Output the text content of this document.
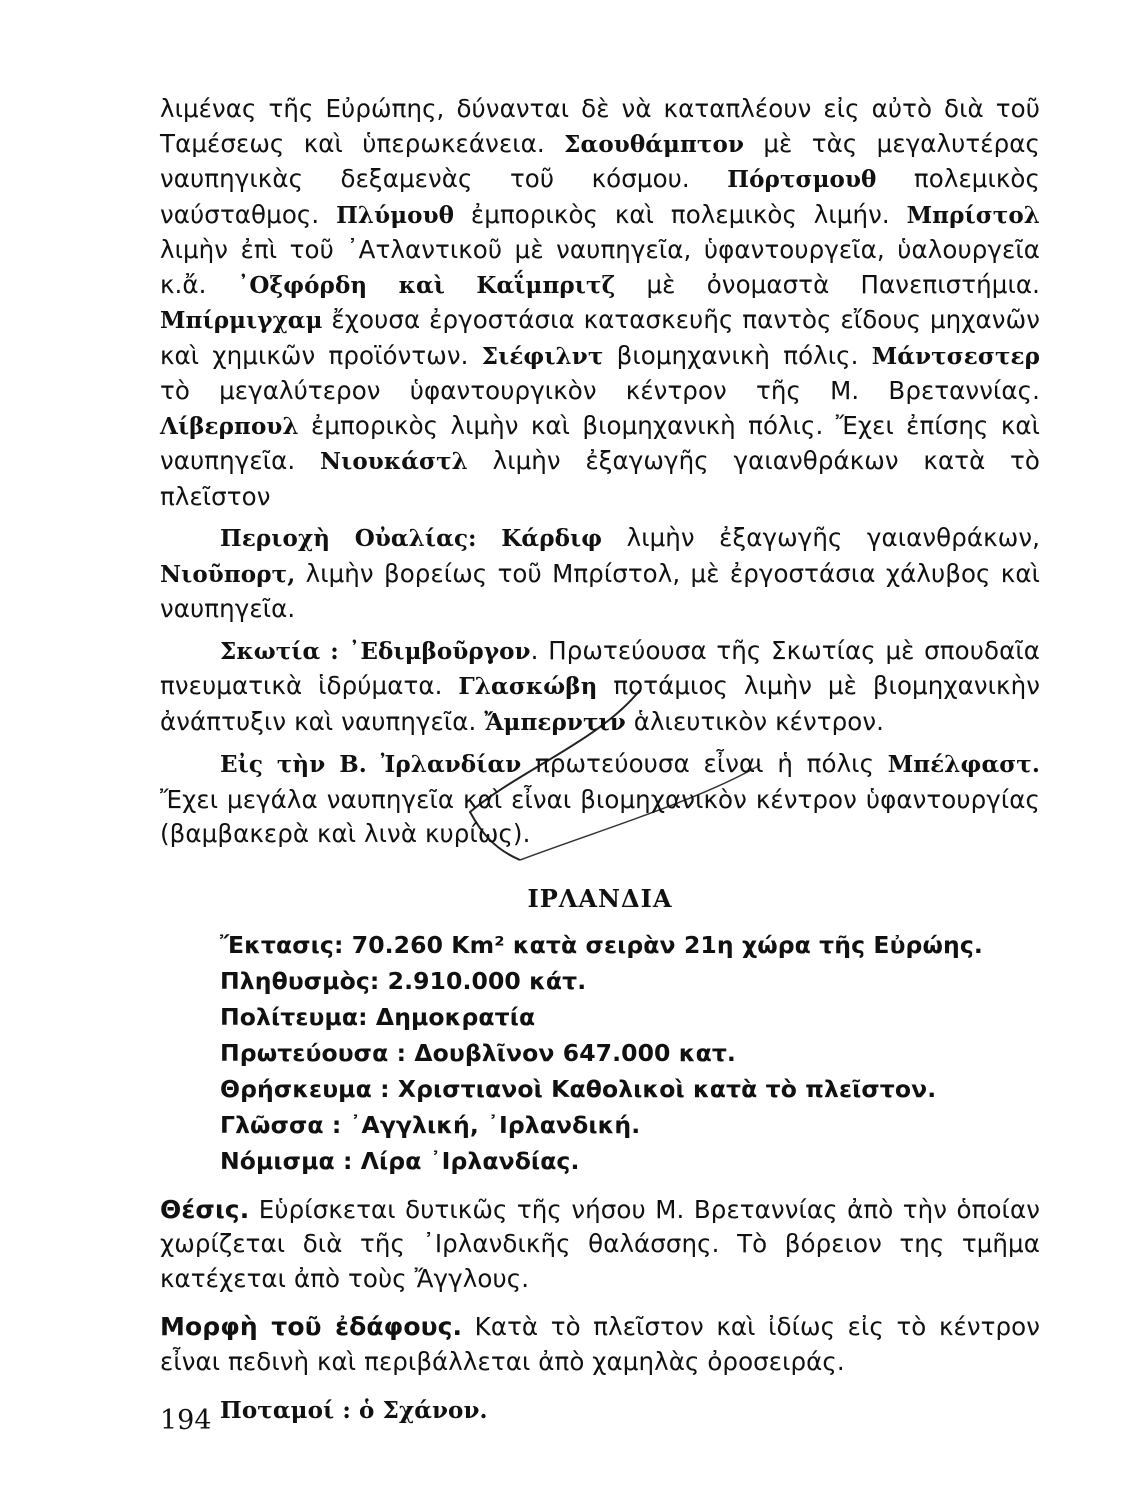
λιμένας τῆς Εὐρώπης, δύνανται δὲ νὰ καταπλέουν εἰς αὐτὸ διὰ τοῦ Ταμέσεως καὶ ὑπερωκεάνεια. Σαουθάμπτον μὲ τὰς μεγαλυτέρας ναυπηγικὰς δεξαμενὰς τοῦ κόσμου. Πόρτσμουθ πολεμικὸς ναύσταθμος. Πλύμουθ ἐμπορικὸς καὶ πολεμικὸς λιμήν. Μπρίστολ λιμὴν ἐπὶ τοῦ ᾿Ατλαντικοῦ μὲ ναυπηγεῖα, ὑφαντουργεῖα, ὑαλουργεῖα κ.ἄ. ᾿Οξφόρδη καὶ Καΐμπριτζ μὲ ὀνομαστὰ Πανεπιστήμια. Μπίρμιγχαμ ἔχουσα ἐργοστάσια κατασκευῆς παντὸς εἴδους μηχανῶν καὶ χημικῶν προϊόντων. Σιέφιλντ βιομηχανικὴ πόλις. Μάντσεστερ τὸ μεγαλύτερον ὑφαντουργικὸν κέντρον τῆς Μ. Βρεταννίας. Λίβερπουλ ἐμπορικὸς λιμὴν καὶ βιομηχανικὴ πόλις. Ἔχει ἐπίσης καὶ ναυπηγεῖα. Νιουκάστλ λιμὴν ἐξαγωγῆς γαιανθράκων κατὰ τὸ πλεῖστον

Περιοχὴ Οὐαλίας: Κάρδιφ λιμὴν ἐξαγωγῆς γαιανθράκων, Νιοῦπορτ, λιμὴν βορείως τοῦ Μπρίστολ, μὲ ἐργοστάσια χάλυβος καὶ ναυπηγεῖα.

Σκωτία : ᾿Εδιμβοῦργον. Πρωτεύουσα τῆς Σκωτίας μὲ σπουδαῖα πνευματικὰ ἱδρύματα. Γλασκώβη ποτάμιος λιμὴν μὲ βιομηχανικὴν ἀνάπτυξιν καὶ ναυπηγεῖα. Ἄμπερντιν ἁλιευτικὸν κέντρον.

Εἰς τὴν Β. Ἰρλανδίαν πρωτεύουσα εἶναι ἡ πόλις Μπέλφαστ. Ἔχει μεγάλα ναυπηγεῖα καὶ εἶναι βιομηχανικὸν κέντρον ὑφαντουργίας (βαμβακερὰ καὶ λινὰ κυρίως).

ΙΡΛΑΝΔΙΑ

Ἔκτασις: 70.260 Km² κατὰ σειρὰν 21η χώρα τῆς Εὐρώης.

Πληθυσμὸς: 2.910.000 κάτ.

Πολίτευμα: Δημοκρατία

Πρωτεύουσα : Δουβλῖνον 647.000 κατ.

Θρήσκευμα : Χριστιανοὶ Καθολικοὶ κατὰ τὸ πλεῖστον.

Γλῶσσα : ᾿Αγγλική, ᾿Ιρλανδική.

Νόμισμα : Λίρα ᾿Ιρλανδίας.

Θέσις. Εὑρίσκεται δυτικῶς τῆς νήσου Μ. Βρεταννίας ἀπὸ τὴν ὁποίαν χωρίζεται διὰ τῆς ᾿Ιρλανδικῆς θαλάσσης. Τὸ βόρειον της τμῆμα κατέχεται ἀπὸ τοὺς Ἄγγλους.

Μορφὴ τοῦ ἐδάφους. Κατὰ τὸ πλεῖστον καὶ ἰδίως εἰς τὸ κέντρον εἶναι πεδινὴ καὶ περιβάλλεται ἀπὸ χαμηλὰς ὀροσειράς.

Ποταμοί : ὁ Σχάνον.

194
